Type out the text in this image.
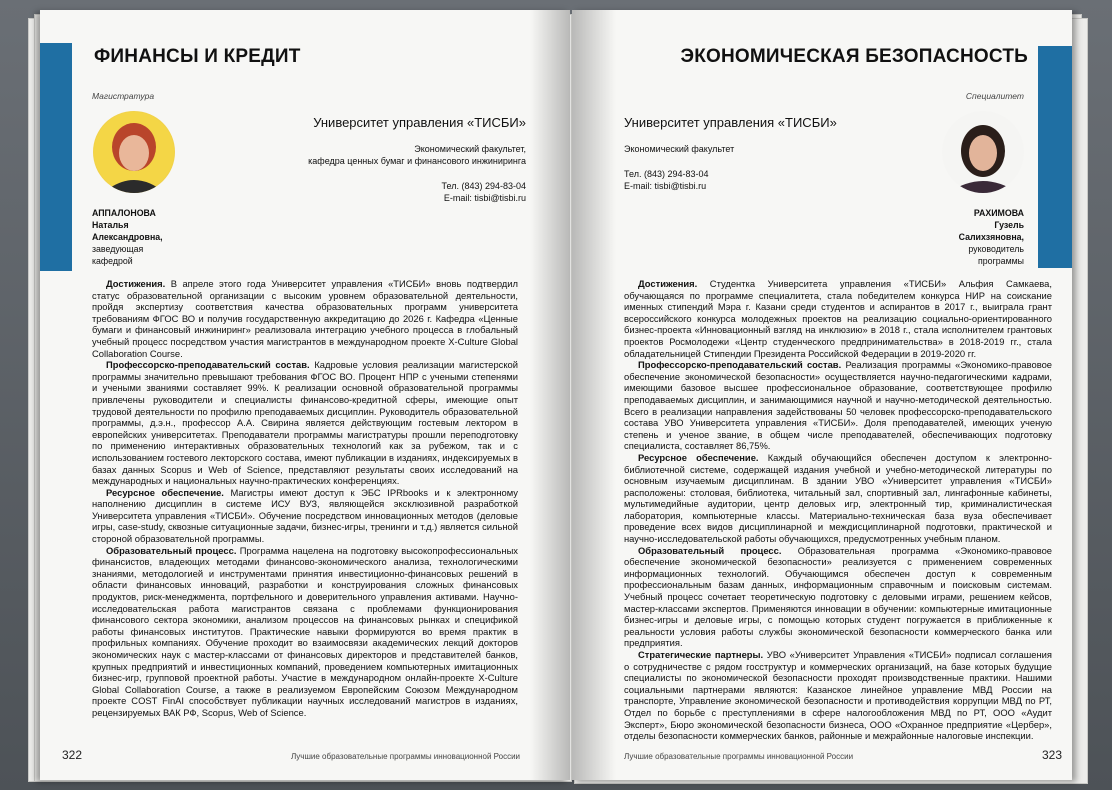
ФИНАНСЫ И КРЕДИТ
Магистратура
АППАЛОНОВА
Наталья
Александровна,
заведующая
кафедрой
Университет управления «ТИСБИ»
Экономический факультет,
кафедра ценных бумаг и финансового инжиниринга
Тел. (843) 294-83-04
E-mail: tisbi@tisbi.ru

Достижения. В апреле этого года Университет управления «ТИСБИ» вновь подтвердил статус образовательной организации с высоким уровнем образовательной деятельности, пройдя экспертизу соответствия качества образовательных программ университета требованиям ФГОС ВО и получив государственную аккредитацию до 2026 г. Кафедра «Ценные бумаги и финансовый инжиниринг» реализовала интеграцию учебного процесса в глобальный учебный процесс посредством участия магистрантов в международном проекте X-Culture Global Collaboration Course.

Профессорско-преподавательский состав. Кадровые условия реализации магистерской программы значительно превышают требования ФГОС ВО. Процент НПР с учеными степенями и учеными званиями составляет 99%. К реализации основной образовательной программы привлечены руководители и специалисты финансово-кредитной сферы, имеющие опыт трудовой деятельности по профилю преподаваемых дисциплин. Руководитель образовательной программы, д.э.н., профессор А.А. Свирина является действующим гостевым лектором в европейских университетах. Преподаватели программы магистратуры прошли переподготовку по применению интерактивных образовательных технологий как за рубежом, так и с использованием гостевого лекторского состава, имеют публикации в изданиях, индексируемых в базах данных Scopus и Web of Science, представляют результаты своих исследований на международных и национальных научно-практических конференциях.

Ресурсное обеспечение. Магистры имеют доступ к ЭБС IPRbooks и к электронному наполнению дисциплин в системе ИСУ ВУЗ, являющейся эксклюзивной разработкой Университета управления «ТИСБИ». Обучение посредством инновационных методов (деловые игры, case-study, сквозные ситуационные задачи, бизнес-игры, тренинги и т.д.) является сильной стороной образовательной программы.

Образовательный процесс. Программа нацелена на подготовку высокопрофессиональных финансистов, владеющих методами финансово-экономического анализа, технологическими знаниями, методологией и инструментами принятия инвестиционно-финансовых решений в области финансовых инноваций, разработки и конструирования сложных финансовых продуктов, риск-менеджмента, портфельного и доверительного управления активами. Научно-исследовательская работа магистрантов связана с проблемами функционирования финансового сектора экономики, анализом процессов на финансовых рынках и спецификой работы финансовых институтов. Практические навыки формируются во время практик в профильных компаниях. Обучение проходит во взаимосвязи академических лекций докторов экономических наук с мастер-классами от финансовых директоров и представителей банков, крупных предприятий и инвестиционных компаний, проведением компьютерных имитационных бизнес-игр, групповой проектной работы. Участие в международном онлайн-проекте X-Culture Global Collaboration Course, а также в реализуемом Европейским Союзом Международном проекте COST FinAI способствует публикации научных исследований магистров в изданиях, рецензируемых ВАК РФ, Scopus, Web of Science.

322	Лучшие образовательные программы инновационной России
ЭКОНОМИЧЕСКАЯ БЕЗОПАСНОСТЬ
Специалитет
Университет управления «ТИСБИ»
Экономический факультет
Тел. (843) 294-83-04
E-mail: tisbi@tisbi.ru
РАХИМОВА
Гузель
Салихзяновна,
руководитель
программы

Достижения. Студентка Университета управления «ТИСБИ» Альфия Самкаева, обучающаяся по программе специалитета, стала победителем конкурса НИР на соискание именных стипендий Мэра г. Казани среди студентов и аспирантов в 2017 г., выиграла грант всероссийского конкурса молодежных проектов на реализацию социально-ориентированного бизнес-проекта «Инновационный взгляд на инклюзию» в 2018 г., стала исполнителем грантовых проектов Росмолодежи «Центр студенческого предпринимательства» в 2018-2019 гг., стала обладательницей Стипендии Президента Российской Федерации в 2019-2020 гг.

Профессорско-преподавательский состав. Реализация программы «Экономико-правовое обеспечение экономической безопасности» осуществляется научно-педагогическими кадрами, имеющими базовое высшее профессиональное образование, соответствующее профилю преподаваемых дисциплин, и занимающимися научной и научно-методической деятельностью. Всего в реализации направления задействованы 50 человек профессорско-преподавательского состава УВО Университета управления «ТИСБИ». Доля преподавателей, имеющих ученую степень и ученое звание, в общем числе преподавателей, обеспечивающих подготовку специалиста, составляет 86,75%.

Ресурсное обеспечение. Каждый обучающийся обеспечен доступом к электронно-библиотечной системе, содержащей издания учебной и учебно-методической литературы по основным изучаемым дисциплинам. В здании УВО «Университет управления «ТИСБИ» расположены: столовая, библиотека, читальный зал, спортивный зал, лингафонные кабинеты, мультимедийные аудитории, центр деловых игр, электронный тир, криминалистическая лаборатория, компьютерные классы. Материально-техническая база вуза обеспечивает проведение всех видов дисциплинарной и междисциплинарной подготовки, практической и научно-исследовательской работы обучающихся, предусмотренных учебным планом.

Образовательный процесс. Образовательная программа «Экономико-правовое обеспечение экономической безопасности» реализуется с применением современных информационных технологий. Обучающимся обеспечен доступ к современным профессиональным базам данных, информационным справочным и поисковым системам. Учебный процесс сочетает теоретическую подготовку с деловыми играми, решением кейсов, мастер-классами экспертов. Применяются инновации в обучении: компьютерные имитационные бизнес-игры и деловые игры, с помощью которых студент погружается в приближенные к реальности условия работы службы экономической безопасности коммерческого банка или предприятия.

Стратегические партнеры. УВО «Университет Управления «ТИСБИ» подписал соглашения о сотрудничестве с рядом госструктур и коммерческих организаций, на базе которых будущие специалисты по экономической безопасности проходят производственные практики. Нашими социальными партнерами являются: Казанское линейное управление МВД России на транспорте, Управление экономической безопасности и противодействия коррупции МВД по РТ, Отдел по борьбе с преступлениями в сфере налогообложения МВД по РТ, ООО «Аудит Эксперт», Бюро экономической безопасности бизнеса, ООО «Охранное предприятие «Цербер», отделы безопасности коммерческих банков, районные и межрайонные налоговые инспекции.

Лучшие образовательные программы инновационной России	323
